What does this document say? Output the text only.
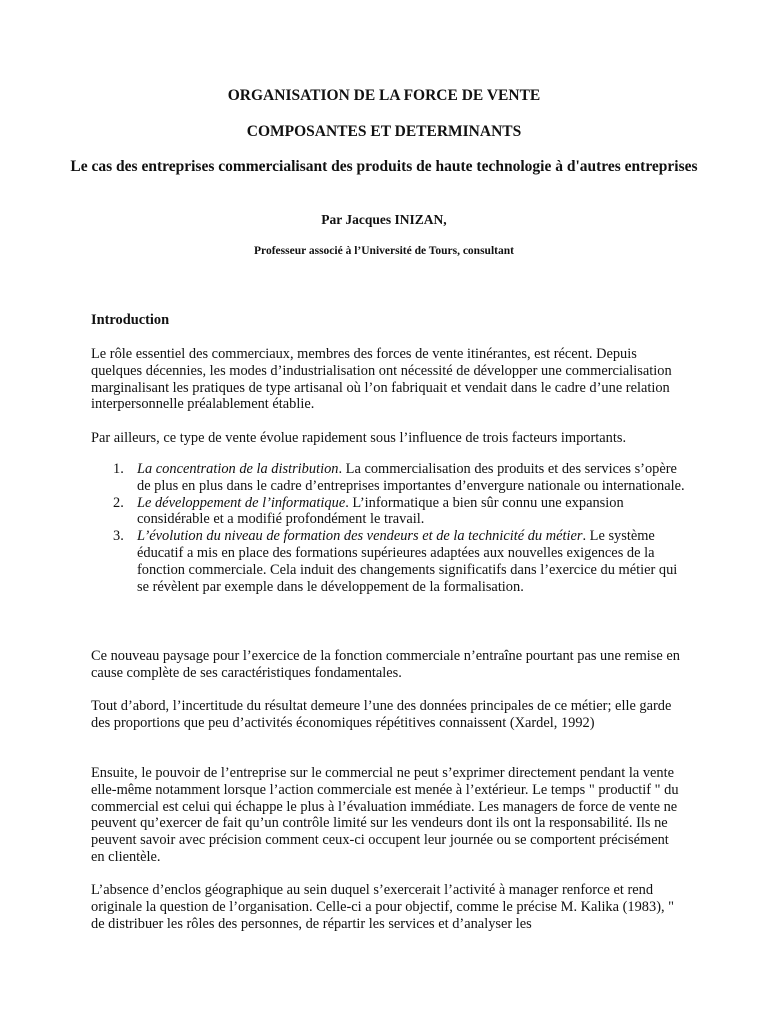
ORGANISATION DE LA FORCE DE VENTE
COMPOSANTES ET DETERMINANTS
Le cas des entreprises commercialisant des produits de haute technologie à d'autres entreprises
Par Jacques INIZAN,
Professeur associé à l’Université de Tours, consultant
Introduction

Le rôle essentiel des commerciaux, membres des forces de vente itinérantes, est récent. Depuis quelques décennies, les modes d’industrialisation ont nécessité de développer une commercialisation marginalisant les pratiques de type artisanal où l’on fabriquait et vendait dans le cadre d’une relation interpersonnelle préalablement établie.

Par ailleurs, ce type de vente évolue rapidement sous l’influence de trois facteurs importants.

1. La concentration de la distribution. La commercialisation des produits et des services s’opère de plus en plus dans le cadre d’entreprises importantes d’envergure nationale ou internationale.
2. Le développement de l’informatique. L’informatique a bien sûr connu une expansion considérable et a modifié profondément le travail.
3. L’évolution du niveau de formation des vendeurs et de la technicité du métier. Le système éducatif a mis en place des formations supérieures adaptées aux nouvelles exigences de la fonction commerciale. Cela induit des changements significatifs dans l’exercice du métier qui se révèlent par exemple dans le développement de la formalisation.

Ce nouveau paysage pour l’exercice de la fonction commerciale n’entraîne pourtant pas une remise en cause complète de ses caractéristiques fondamentales.

Tout d’abord, l’incertitude du résultat demeure l’une des données principales de ce métier; elle garde des proportions que peu d’activités économiques répétitives connaissent (Xardel, 1992)

Ensuite, le pouvoir de l’entreprise sur le commercial ne peut s’exprimer directement pendant la vente elle-même notamment lorsque l’action commerciale est menée à l’extérieur. Le temps " productif " du commercial est celui qui échappe le plus à l’évaluation immédiate. Les managers de force de vente ne peuvent qu’exercer de fait qu’un contrôle limité sur les vendeurs dont ils ont la responsabilité. Ils ne peuvent savoir avec précision comment ceux-ci occupent leur journée ou se comportent précisément en clientèle.

L’absence d’enclos géographique au sein duquel s’exercerait l’activité à manager renforce et rend originale la question de l’organisation. Celle-ci a pour objectif, comme le précise M. Kalika (1983), " de distribuer les rôles des personnes, de répartir les services et d’analyser les
